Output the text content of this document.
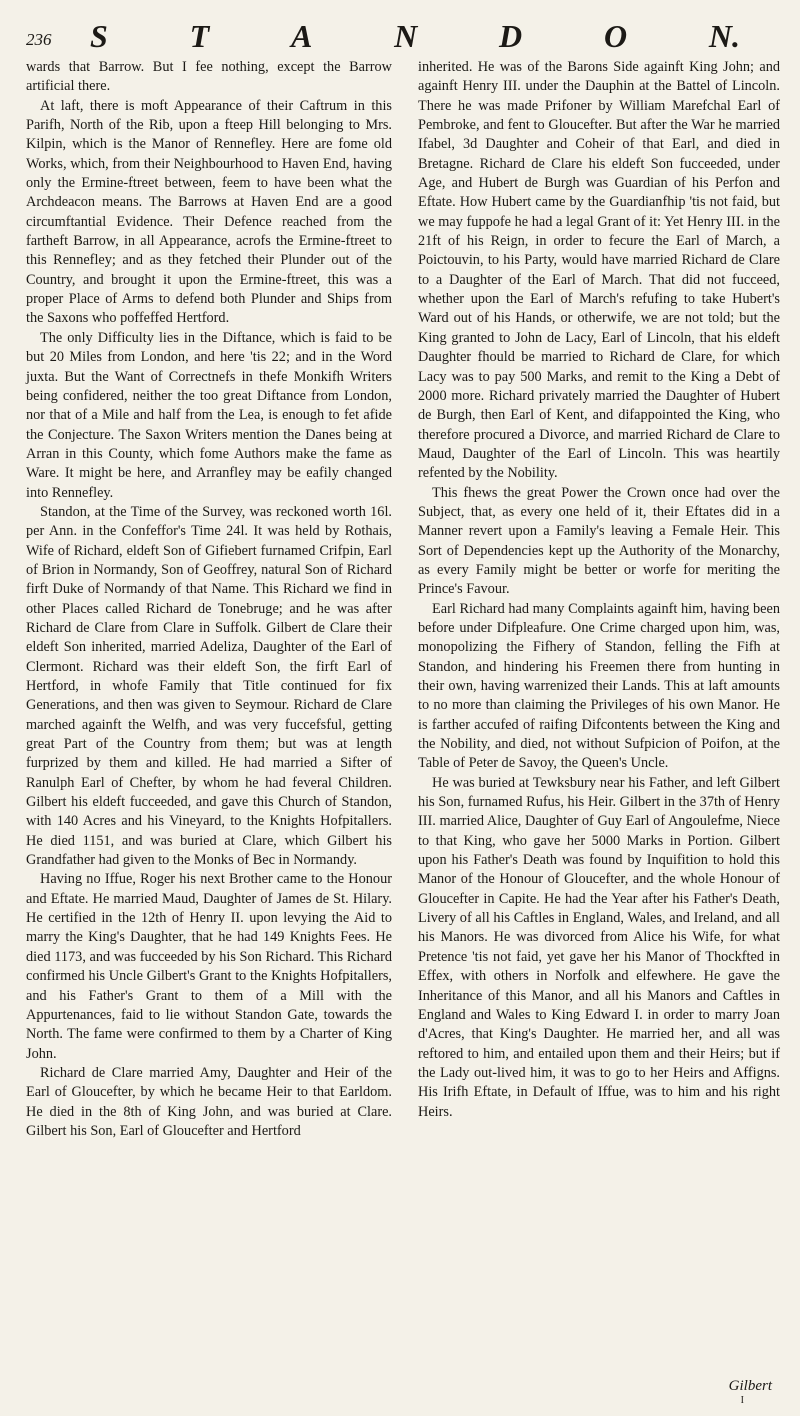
236 S	T	A	N	D	O	N.

wards that Barrow. But I fee nothing, except the Barrow artificial there.

At laft, there is moft Appearance of their Caftrum in this Parifh, North of the Rib, upon a fteep Hill belonging to Mrs. Kilpin, which is the Manor of Rennefley. Here are fome old Works, which, from their Neighbourhood to Haven End, having only the Ermine-ftreet between, feem to have been what the Archdeacon means. The Barrows at Haven End are a good circumftantial Evidence. Their Defence reached from the fartheft Barrow, in all Appearance, acrofs the Ermine-ftreet to this Rennefley; and as they fetched their Plunder out of the Country, and brought it upon the Ermine-ftreet, this was a proper Place of Arms to defend both Plunder and Ships from the Saxons who poffeffed Hertford.

The only Difficulty lies in the Diftance, which is faid to be but 20 Miles from London, and here 'tis 22; and in the Word juxta. But the Want of Correctnefs in thefe Monkifh Writers being confidered, neither the too great Diftance from London, nor that of a Mile and half from the Lea, is enough to fet afide the Conjecture. The Saxon Writers mention the Danes being at Arran in this County, which fome Authors make the fame as Ware. It might be here, and Arranfley may be eafily changed into Rennefley.

Standon, at the Time of the Survey, was reckoned worth 16l. per Ann. in the Confeffor's Time 24l. It was held by Rothais, Wife of Richard, eldeft Son of Gifiebert furnamed Crifpin, Earl of Brion in Normandy, Son of Geoffrey, natural Son of Richard firft Duke of Normandy of that Name. This Richard we find in other Places called Richard de Tonebruge; and he was after Richard de Clare from Clare in Suffolk. Gilbert de Clare their eldeft Son inherited, married Adeliza, Daughter of the Earl of Clermont. Richard was their eldeft Son, the firft Earl of Hertford, in whofe Family that Title continued for fix Generations, and then was given to Seymour. Richard de Clare marched againft the Welfh, and was very fuccefsful, getting great Part of the Country from them; but was at length furprized by them and killed. He had married a Sifter of Ranulph Earl of Chefter, by whom he had feveral Children. Gilbert his eldeft fucceeded, and gave this Church of Standon, with 140 Acres and his Vineyard, to the Knights Hofpitallers. He died 1151, and was buried at Clare, which Gilbert his Grandfather had given to the Monks of Bec in Normandy.

Having no Iffue, Roger his next Brother came to the Honour and Eftate. He married Maud, Daughter of James de St. Hilary. He certified in the 12th of Henry II. upon levying the Aid to marry the King's Daughter, that he had 149 Knights Fees. He died 1173, and was fucceeded by his Son Richard. This Richard confirmed his Uncle Gilbert's Grant to the Knights Hofpitallers, and his Father's Grant to them of a Mill with the Appurtenances, faid to lie without Standon Gate, towards the North. The fame were confirmed to them by a Charter of King John.

Richard de Clare married Amy, Daughter and Heir of the Earl of Gloucefter, by which he became Heir to that Earldom. He died in the 8th of King John, and was buried at Clare. Gilbert his Son, Earl of Gloucefter and Hertford

inherited. He was of the Barons Side againft King John; and againft Henry III. under the Dauphin at the Battel of Lincoln. There he was made Prifoner by William Marefchal Earl of Pembroke, and fent to Gloucefter. But after the War he married Ifabel, 3d Daughter and Coheir of that Earl, and died in Bretagne. Richard de Clare his eldeft Son fucceeded, under Age, and Hubert de Burgh was Guardian of his Perfon and Eftate. How Hubert came by the Guardianfhip 'tis not faid, but we may fuppofe he had a legal Grant of it: Yet Henry III. in the 21ft of his Reign, in order to fecure the Earl of March, a Poictouvin, to his Party, would have married Richard de Clare to a Daughter of the Earl of March. That did not fucceed, whether upon the Earl of March's refufing to take Hubert's Ward out of his Hands, or otherwife, we are not told; but the King granted to John de Lacy, Earl of Lincoln, that his eldeft Daughter fhould be married to Richard de Clare, for which Lacy was to pay 500 Marks, and remit to the King a Debt of 2000 more. Richard privately married the Daughter of Hubert de Burgh, then Earl of Kent, and difappointed the King, who therefore procured a Divorce, and married Richard de Clare to Maud, Daughter of the Earl of Lincoln. This was heartily refented by the Nobility.

This fhews the great Power the Crown once had over the Subject, that, as every one held of it, their Eftates did in a Manner revert upon a Family's leaving a Female Heir. This Sort of Dependencies kept up the Authority of the Monarchy, as every Family might be better or worfe for meriting the Prince's Favour.

Earl Richard had many Complaints againft him, having been before under Difpleafure. One Crime charged upon him, was, monopolizing the Fifhery of Standon, felling the Fifh at Standon, and hindering his Freemen there from hunting in their own, having warrenized their Lands. This at laft amounts to no more than claiming the Privileges of his own Manor. He is farther accufed of raifing Difcontents between the King and the Nobility, and died, not without Sufpicion of Poifon, at the Table of Peter de Savoy, the Queen's Uncle.

He was buried at Tewksbury near his Father, and left Gilbert his Son, furnamed Rufus, his Heir. Gilbert in the 37th of Henry III. married Alice, Daughter of Guy Earl of Angoulefme, Niece to that King, who gave her 5000 Marks in Portion. Gilbert upon his Father's Death was found by Inquifition to hold this Manor of the Honour of Gloucefter, and the whole Honour of Gloucefter in Capite. He had the Year after his Father's Death, Livery of all his Caftles in England, Wales, and Ireland, and all his Manors. He was divorced from Alice his Wife, for what Pretence 'tis not faid, yet gave her his Manor of Thockfted in Effex, with others in Norfolk and elfewhere. He gave the Inheritance of this Manor, and all his Manors and Caftles in England and Wales to King Edward I. in order to marry Joan d'Acres, that King's Daughter. He married her, and all was reftored to him, and entailed upon them and their Heirs; but if the Lady out-lived him, it was to go to her Heirs and Affigns. His Irifh Eftate, in Default of Iffue, was to him and his right Heirs.

Gilbert
I
